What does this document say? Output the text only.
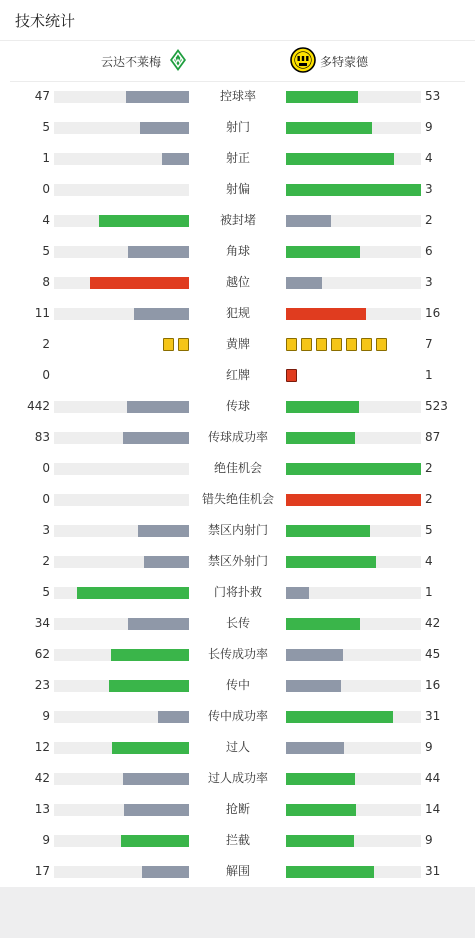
技术统计
云达不莱梅	多特蒙德
47	控球率	53
5	射门	9
1	射正	4
0	射偏	3
4	被封堵	2
5	角球	6
8	越位	3
11	犯规	16
2	黄牌	7
0	红牌	1
442	传球	523
83	传球成功率	87
0	绝佳机会	2
0	错失绝佳机会	2
3	禁区内射门	5
2	禁区外射门	4
5	门将扑救	1
34	长传	42
62	长传成功率	45
23	传中	16
9	传中成功率	31
12	过人	9
42	过人成功率	44
13	抢断	14
9	拦截	9
17	解围	31
